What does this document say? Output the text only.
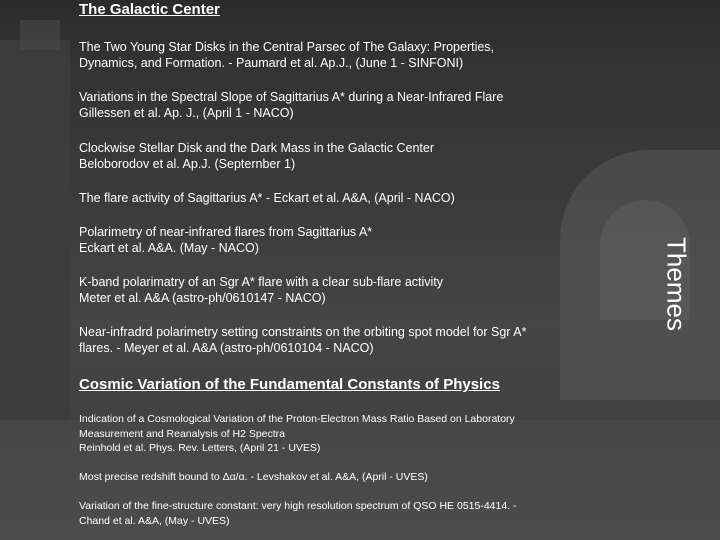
The Galactic Center
The Two Young Star Disks in the Central Parsec of The Galaxy: Properties,
Dynamics, and Formation. - Paumard et al. Ap.J., (June 1 - SINFONI)
Variations in the Spectral Slope of Sagittarius A* during a Near-Infrared Flare
Gillessen et al. Ap. J., (April 1 - NACO)
Clockwise Stellar Disk and the Dark Mass in the Galactic Center
Beloborodov et al. Ap.J. (Septernber 1)
The flare activity of Sagittarius A* - Eckart et al. A&A, (April - NACO)
Polarimetry of near-infrared flares from Sagittarius A*
Eckart et al. A&A. (May - NACO)
K-band polarimatry of an Sgr A* flare with a clear sub-flare activity
Meter et al. A&A (astro-ph/0610147 - NACO)
Near-infradrd polarimetry setting constraints on the orbiting spot model for Sgr A*
flares. - Meyer et al. A&A (astro-ph/0610104 - NACO)
Cosmic Variation of the Fundamental Constants of Physics
Indication of a Cosmological Variation of the Proton-Electron Mass Ratio Based on Laboratory
Measurement and Reanalysis of H2 Spectra
Reinhold et al. Phys. Rev. Letters, (April 21 - UVES)
Most precise redshift bound to Δα/α. - Levshakov et al. A&A, (April - UVES)
Variation of the fine-structure constant: very high resolution spectrum of QSO HE 0515-4414. -
Chand et al. A&A, (May - UVES)
Themes
